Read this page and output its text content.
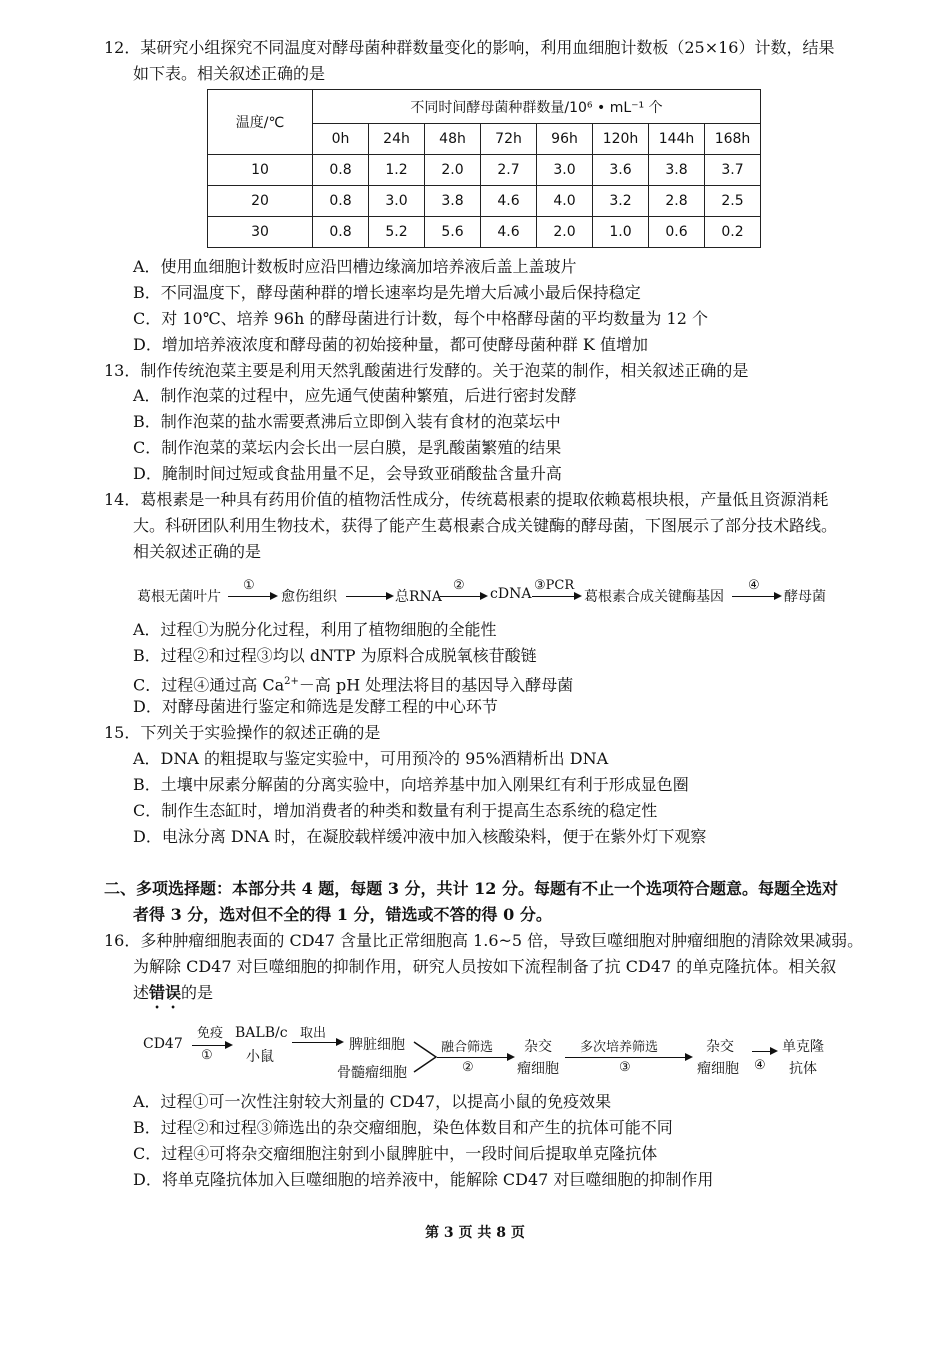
12．某研究小组探究不同温度对酵母菌种群数量变化的影响，利用血细胞计数板（25×16）计数，结果
如下表。相关叙述正确的是
温度/℃	不同时间酵母菌种群数量/10⁶ • mL⁻¹ 个							
	0h	24h	48h	72h	96h	120h	144h	168h
10	0.8	1.2	2.0	2.7	3.0	3.6	3.8	3.7
20	0.8	3.0	3.8	4.6	4.0	3.2	2.8	2.5
30	0.8	5.2	5.6	4.6	2.0	1.0	0.6	0.2
A．使用血细胞计数板时应沿凹槽边缘滴加培养液后盖上盖玻片
B．不同温度下，酵母菌种群的增长速率均是先增大后减小最后保持稳定
C．对 10℃、培养 96h 的酵母菌进行计数，每个中格酵母菌的平均数量为 12 个
D．增加培养液浓度和酵母菌的初始接种量，都可使酵母菌种群 K 值增加
13．制作传统泡菜主要是利用天然乳酸菌进行发酵的。关于泡菜的制作，相关叙述正确的是
A．制作泡菜的过程中，应先通气使菌种繁殖，后进行密封发酵
B．制作泡菜的盐水需要煮沸后立即倒入装有食材的泡菜坛中
C．制作泡菜的菜坛内会长出一层白膜，是乳酸菌繁殖的结果
D．腌制时间过短或食盐用量不足，会导致亚硝酸盐含量升高
14．葛根素是一种具有药用价值的植物活性成分，传统葛根素的提取依赖葛根块根，产量低且资源消耗
大。科研团队利用生物技术，获得了能产生葛根素合成关键酶的酵母菌，下图展示了部分技术路线。
相关叙述正确的是
葛根无菌叶片
①
愈伤组织	总RNA
②
cDNA
③PCR
葛根素合成关键酶基因
④
酵母菌
A．过程①为脱分化过程，利用了植物细胞的全能性
B．过程②和过程③均以 dNTP 为原料合成脱氧核苷酸链
C．过程④通过高 $Ca^{2+}-$高 pH 处理法将目的基因导入酵母菌
D．对酵母菌进行鉴定和筛选是发酵工程的中心环节
15．下列关于实验操作的叙述正确的是
A．DNA 的粗提取与鉴定实验中，可用预冷的 95%酒精析出 DNA
B．土壤中尿素分解菌的分离实验中，向培养基中加入刚果红有利于形成显色圈
C．制作生态缸时，增加消费者的种类和数量有利于提高生态系统的稳定性
D．电泳分离 DNA 时，在凝胶载样缓冲液中加入核酸染料，便于在紫外灯下观察
二、多项选择题：本部分共 4 题，每题 3 分，共计 12 分。每题有不止一个选项符合题意。每题全选对
者得 3 分，选对但不全的得 1 分，错选或不答的得 0 分。
16．多种肿瘤细胞表面的 CD47 含量比正常细胞高 1.6~5 倍，导致巨噬细胞对肿瘤细胞的清除效果减弱。
为解除 CD47 对巨噬细胞的抑制作用，研究人员按如下流程制备了抗 CD47 的单克隆抗体。相关叙
述错误的是
CD47
免疫
①
BALB/c
小鼠
取出
脾脏细胞
骨髓瘤细胞
融合筛选
②
杂交
瘤细胞
多次培养筛选
③
杂交
瘤细胞 ④
单克隆
抗体
A．过程①可一次性注射较大剂量的 CD47，以提高小鼠的免疫效果
B．过程②和过程③筛选出的杂交瘤细胞，染色体数目和产生的抗体可能不同
C．过程④可将杂交瘤细胞注射到小鼠脾脏中，一段时间后提取单克隆抗体
D．将单克隆抗体加入巨噬细胞的培养液中，能解除 CD47 对巨噬细胞的抑制作用
第 3 页 共 8 页
